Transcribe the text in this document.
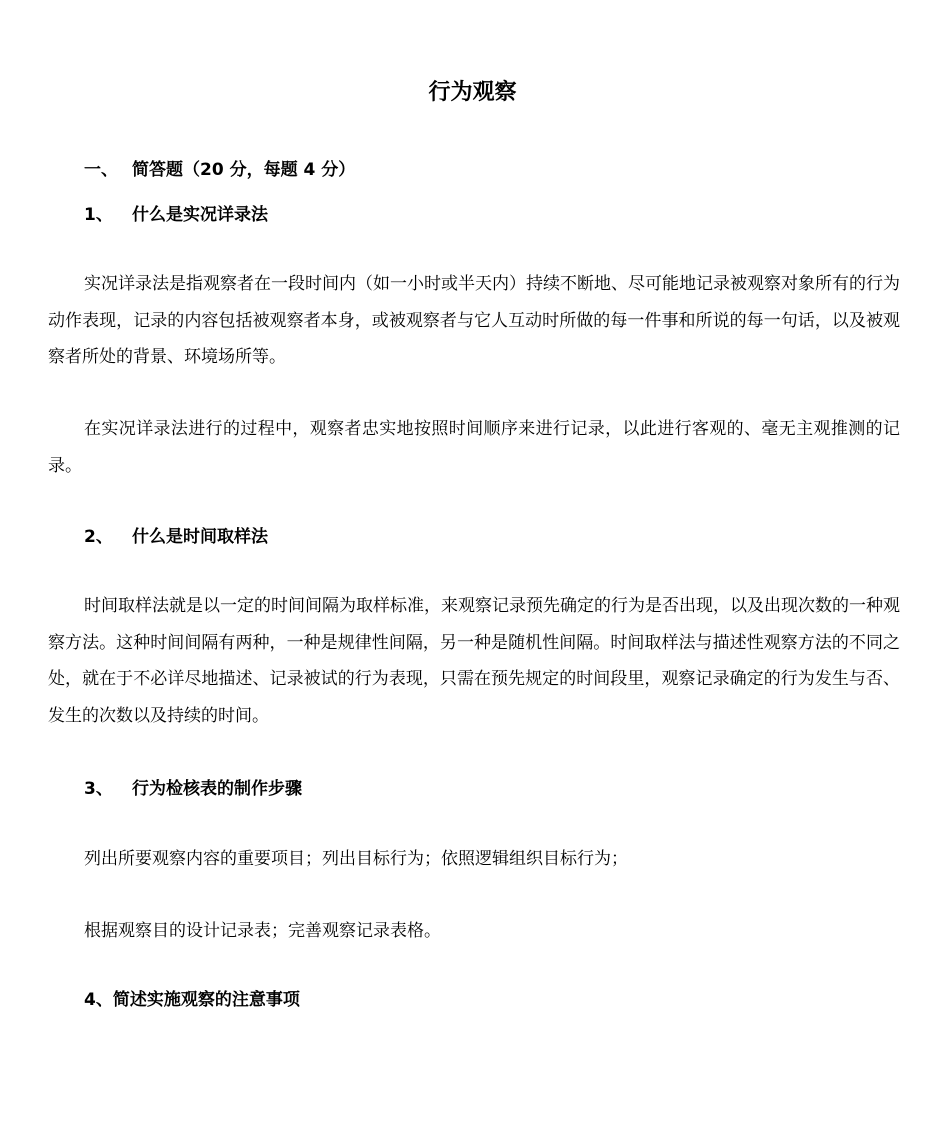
行为观察
一、 简答题（20 分，每题 4 分）
1、 什么是实况详录法

实况详录法是指观察者在一段时间内（如一小时或半天内）持续不断地、尽可能地记录被观察对象所有的行为动作表现，记录的内容包括被观察者本身，或被观察者与它人互动时所做的每一件事和所说的每一句话，以及被观察者所处的背景、环境场所等。

在实况详录法进行的过程中，观察者忠实地按照时间顺序来进行记录，以此进行客观的、毫无主观推测的记录。

2、 什么是时间取样法

时间取样法就是以一定的时间间隔为取样标准，来观察记录预先确定的行为是否出现，以及出现次数的一种观察方法。这种时间间隔有两种，一种是规律性间隔，另一种是随机性间隔。时间取样法与描述性观察方法的不同之处，就在于不必详尽地描述、记录被试的行为表现，只需在预先规定的时间段里，观察记录确定的行为发生与否、发生的次数以及持续的时间。

3、 行为检核表的制作步骤
列出所要观察内容的重要项目；列出目标行为；依照逻辑组织目标行为；
根据观察目的设计记录表；完善观察记录表格。
4、简述实施观察的注意事项
